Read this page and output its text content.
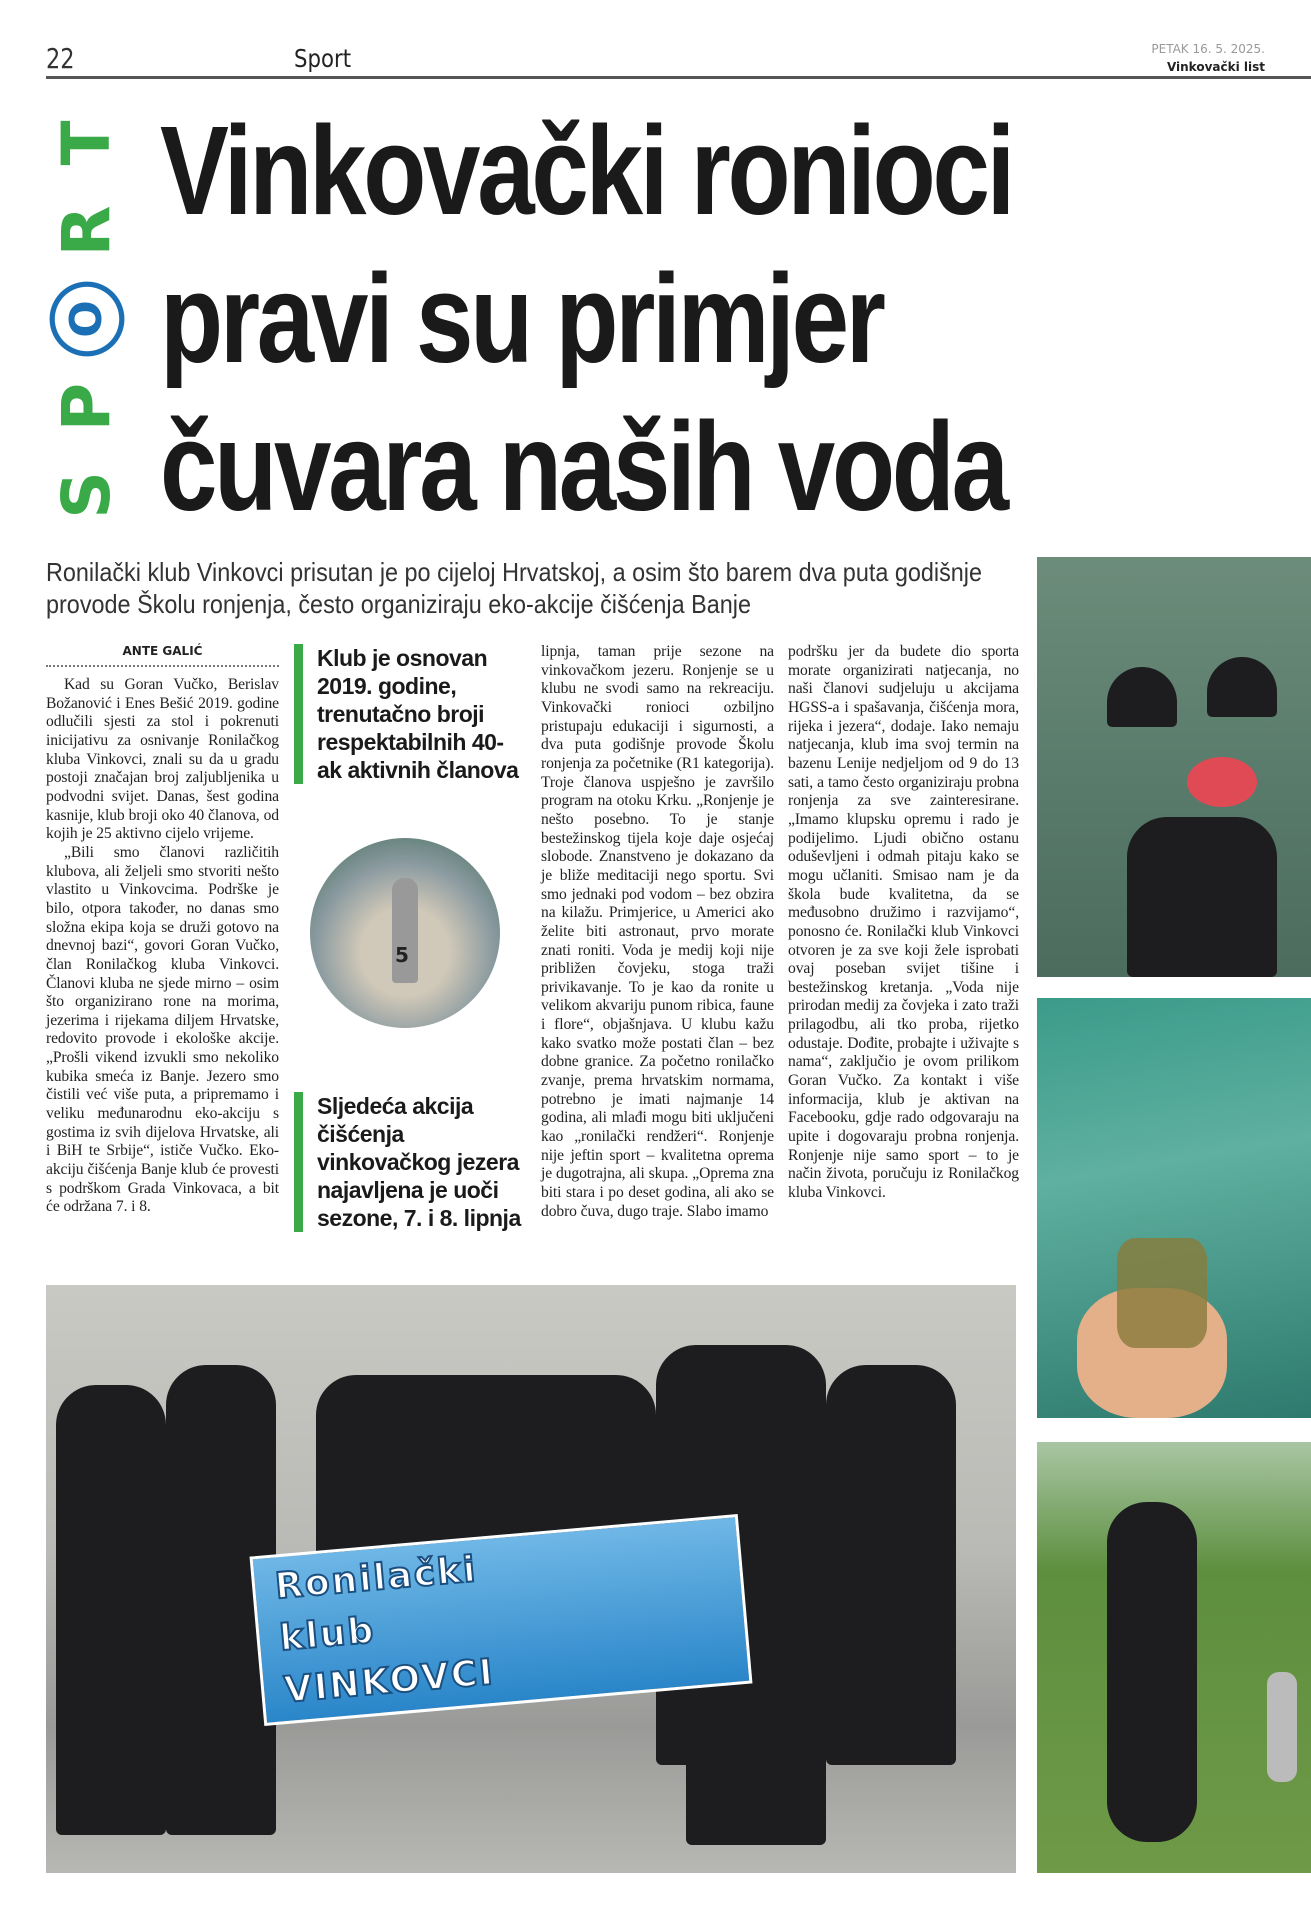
22	Sport	PETAK 16. 5. 2025.
Vinkovački list
S
P
O
R
T Vinkovački ronioci
pravi su primjer
čuvara naših voda
Ronilački klub Vinkovci prisutan je po cijeloj Hrvatskoj, a osim što barem dva puta godišnje provode Školu ronjenja, često organiziraju eko-akcije čišćenja Banje
ANTE GALIĆ

Kad su Goran Vučko, Berislav Božanović i Enes Bešić 2019. godine odlučili sjesti za stol i pokrenuti inicijativu za osnivanje Ronilačkog kluba Vinkovci, znali su da u gradu postoji značajan broj zaljubljenika u podvodni svijet. Danas, šest godina kasnije, klub broji oko 40 članova, od kojih je 25 aktivno cijelo vrijeme.

„Bili smo članovi različitih klubova, ali željeli smo stvoriti nešto vlastito u Vinkovcima. Podrške je bilo, otpora također, no danas smo složna ekipa koja se druži gotovo na dnevnoj bazi“, govori Goran Vučko, član Ronilačkog kluba Vinkovci. Članovi kluba ne sjede mirno – osim što organizirano rone na morima, jezerima i rijekama diljem Hrvatske, redovito provode i ekološke akcije. „Prošli vikend izvukli smo nekoliko kubika smeća iz Banje. Jezero smo čistili već više puta, a pripremamo i veliku međunarodnu eko-akciju s gostima iz svih dijelova Hrvatske, ali i BiH te Srbije“, ističe Vučko. Eko-akciju čišćenja Banje klub će provesti s podrškom Grada Vinkovaca, a bit će održana 7. i 8.

Klub je osnovan 2019. godine, trenutačno broji respektabilnih 40-ak aktivnih članova
5
Sljedeća akcija čišćenja vinkovačkog jezera najavljena je uoči sezone, 7. i 8. lipnja
lipnja, taman prije sezone na vinkovačkom jezeru. Ronjenje se u klubu ne svodi samo na rekreaciju. Vinkovački ronioci ozbiljno pristupaju edukaciji i sigurnosti, a dva puta godišnje provode Školu ronjenja za početnike (R1 kategorija). Troje članova uspješno je završilo program na otoku Krku. „Ronjenje je nešto posebno. To je stanje bestežinskog tijela koje daje osjećaj slobode. Znanstveno je dokazano da je bliže meditaciji nego sportu. Svi smo jednaki pod vodom – bez obzira na kilažu. Primjerice, u Americi ako želite biti astronaut, prvo morate znati roniti. Voda je medij koji nije približen čovjeku, stoga traži privikavanje. To je kao da ronite u velikom akvariju punom ribica, faune i flore“, objašnjava. U klubu kažu kako svatko može postati član – bez dobne granice. Za početno ronilačko zvanje, prema hrvatskim normama, potrebno je imati najmanje 14 godina, ali mlađi mogu biti uključeni kao „ronilački rendžeri“. Ronjenje nije jeftin sport – kvalitetna oprema je dugotrajna, ali skupa. „Oprema zna biti stara i po deset godina, ali ako se dobro čuva, dugo traje. Slabo imamo
podršku jer da budete dio sporta morate organizirati natjecanja, no naši članovi sudjeluju u akcijama HGSS-a i spašavanja, čišćenja mora, rijeka i jezera“, dodaje. Iako nemaju natjecanja, klub ima svoj termin na bazenu Lenije nedjeljom od 9 do 13 sati, a tamo često organiziraju probna ronjenja za sve zainteresirane. „Imamo klupsku opremu i rado je podijelimo. Ljudi obično ostanu oduševljeni i odmah pitaju kako se mogu učlaniti. Smisao nam je da škola bude kvalitetna, da se međusobno družimo i razvijamo“, ponosno će. Ronilački klub Vinkovci otvoren je za sve koji žele isprobati ovaj poseban svijet tišine i bestežinskog kretanja. „Voda nije prirodan medij za čovjeka i zato traži prilagodbu, ali tko proba, rijetko odustaje. Dođite, probajte i uživajte s nama“, zaključio je ovom prilikom Goran Vučko. Za kontakt i više informacija, klub je aktivan na Facebooku, gdje rado odgovaraju na upite i dogovaraju probna ronjenja. Ronjenje nije samo sport – to je način života, poručuju iz Ronilačkog kluba Vinkovci.
Ronilački
klub
VINKOVCI
